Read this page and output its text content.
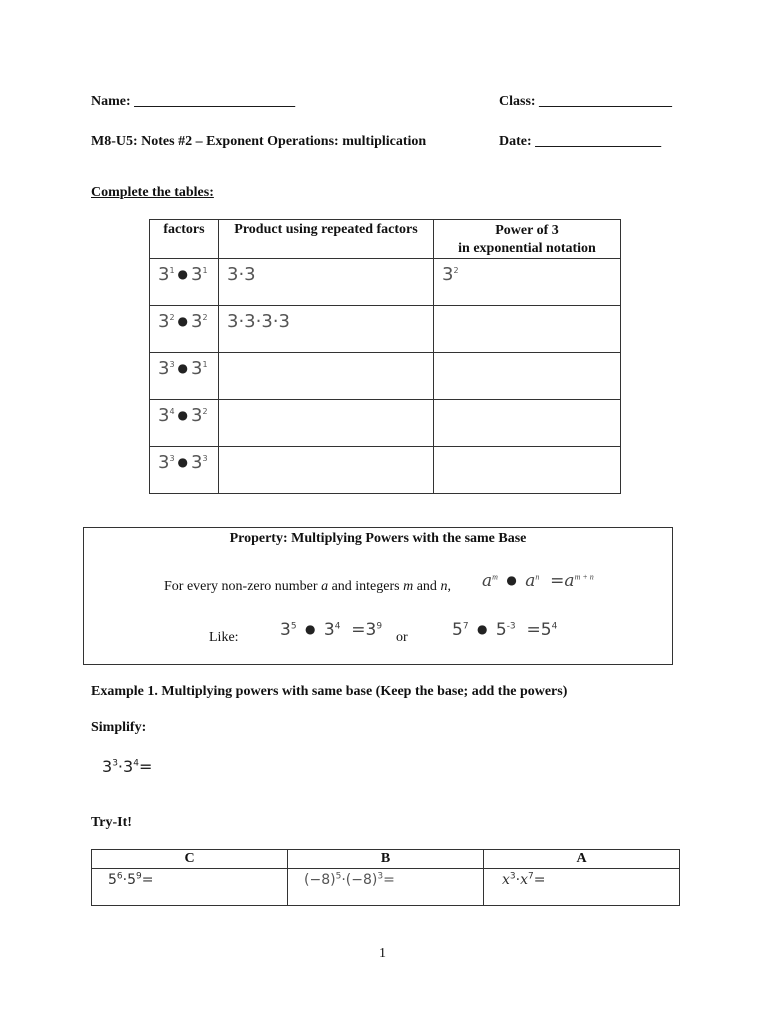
Name: _______________________	Class: ___________________
M8-U5: Notes #2 – Exponent Operations: multiplication	Date: __________________
Complete the tables:
factors	Product using repeated factors	Power of 3
in exponential notation

$3^1$ ● $3^1$	3⋅3	$3^2$

$3^2$ ● $3^2$	3⋅3⋅3⋅3	

$3^3$ ● $3^1$

$3^4$ ● $3^2$

$3^3$ ● $3^3$

Property: Multiplying Powers with the same Base
For every non-zero number a and integers m and n, $a^m$ ● $a^n =a^{m + n}$
Like: $3^5$ ● $3^4 =3^9$
or	$5^7$ ● $5^{-3} =5^4$
Example 1. Multiplying powers with same base (Keep the base; add the powers)
Simplify:
$3^3\cdot 3^4=$
Try-It!
C	B	A

$5^6\cdot 5^9=$	$(-8)^5\cdot(-8)^3=$	$x^3\cdot x^7=$
1
